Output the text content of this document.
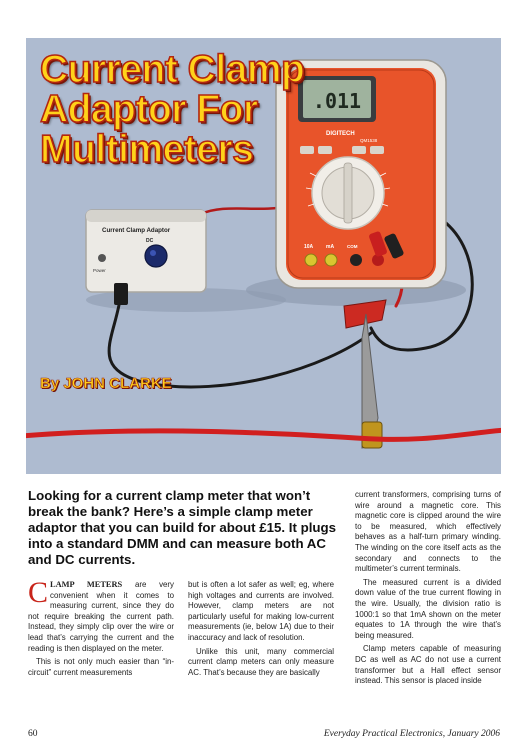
.011
DIGITECH
QM1538
10A	mA	COM
Current Clamp Adaptor
DC
Power
Current Clamp
Adaptor For
Multimeters
By JOHN CLARKE

Looking for a current clamp meter that won’t break the bank? Here’s a simple clamp meter adaptor that you can build for about £15. It plugs into a standard DMM and can measure both AC and DC currents.

CLAMP METERS are very convenient when it comes to measuring current, since they do not require breaking the current path. Instead, they simply clip over the wire or lead that’s carrying the current and the reading is then displayed on the meter.

This is not only much easier than “in-circuit” current measurements

but is often a lot safer as well; eg, where high voltages and currents are involved. However, clamp meters are not particularly useful for making low-current measurements (ie, below 1A) due to their inaccuracy and lack of resolution.

Unlike this unit, many commercial current clamp meters can only measure AC. That’s because they are basically

current transformers, comprising turns of wire around a magnetic core. This magnetic core is clipped around the wire to be measured, which effectively behaves as a half-turn primary winding. The winding on the core itself acts as the secondary and connects to the multimeter’s current terminals.

The measured current is a divided down value of the true current flowing in the wire. Usually, the division ratio is 1000:1 so that 1mA shown on the meter equates to 1A through the wire that’s being measured.

Clamp meters capable of measuring DC as well as AC do not use a current transformer but a Hall effect sensor instead. This sensor is placed inside

60	Everyday Practical Electronics, January 2006
